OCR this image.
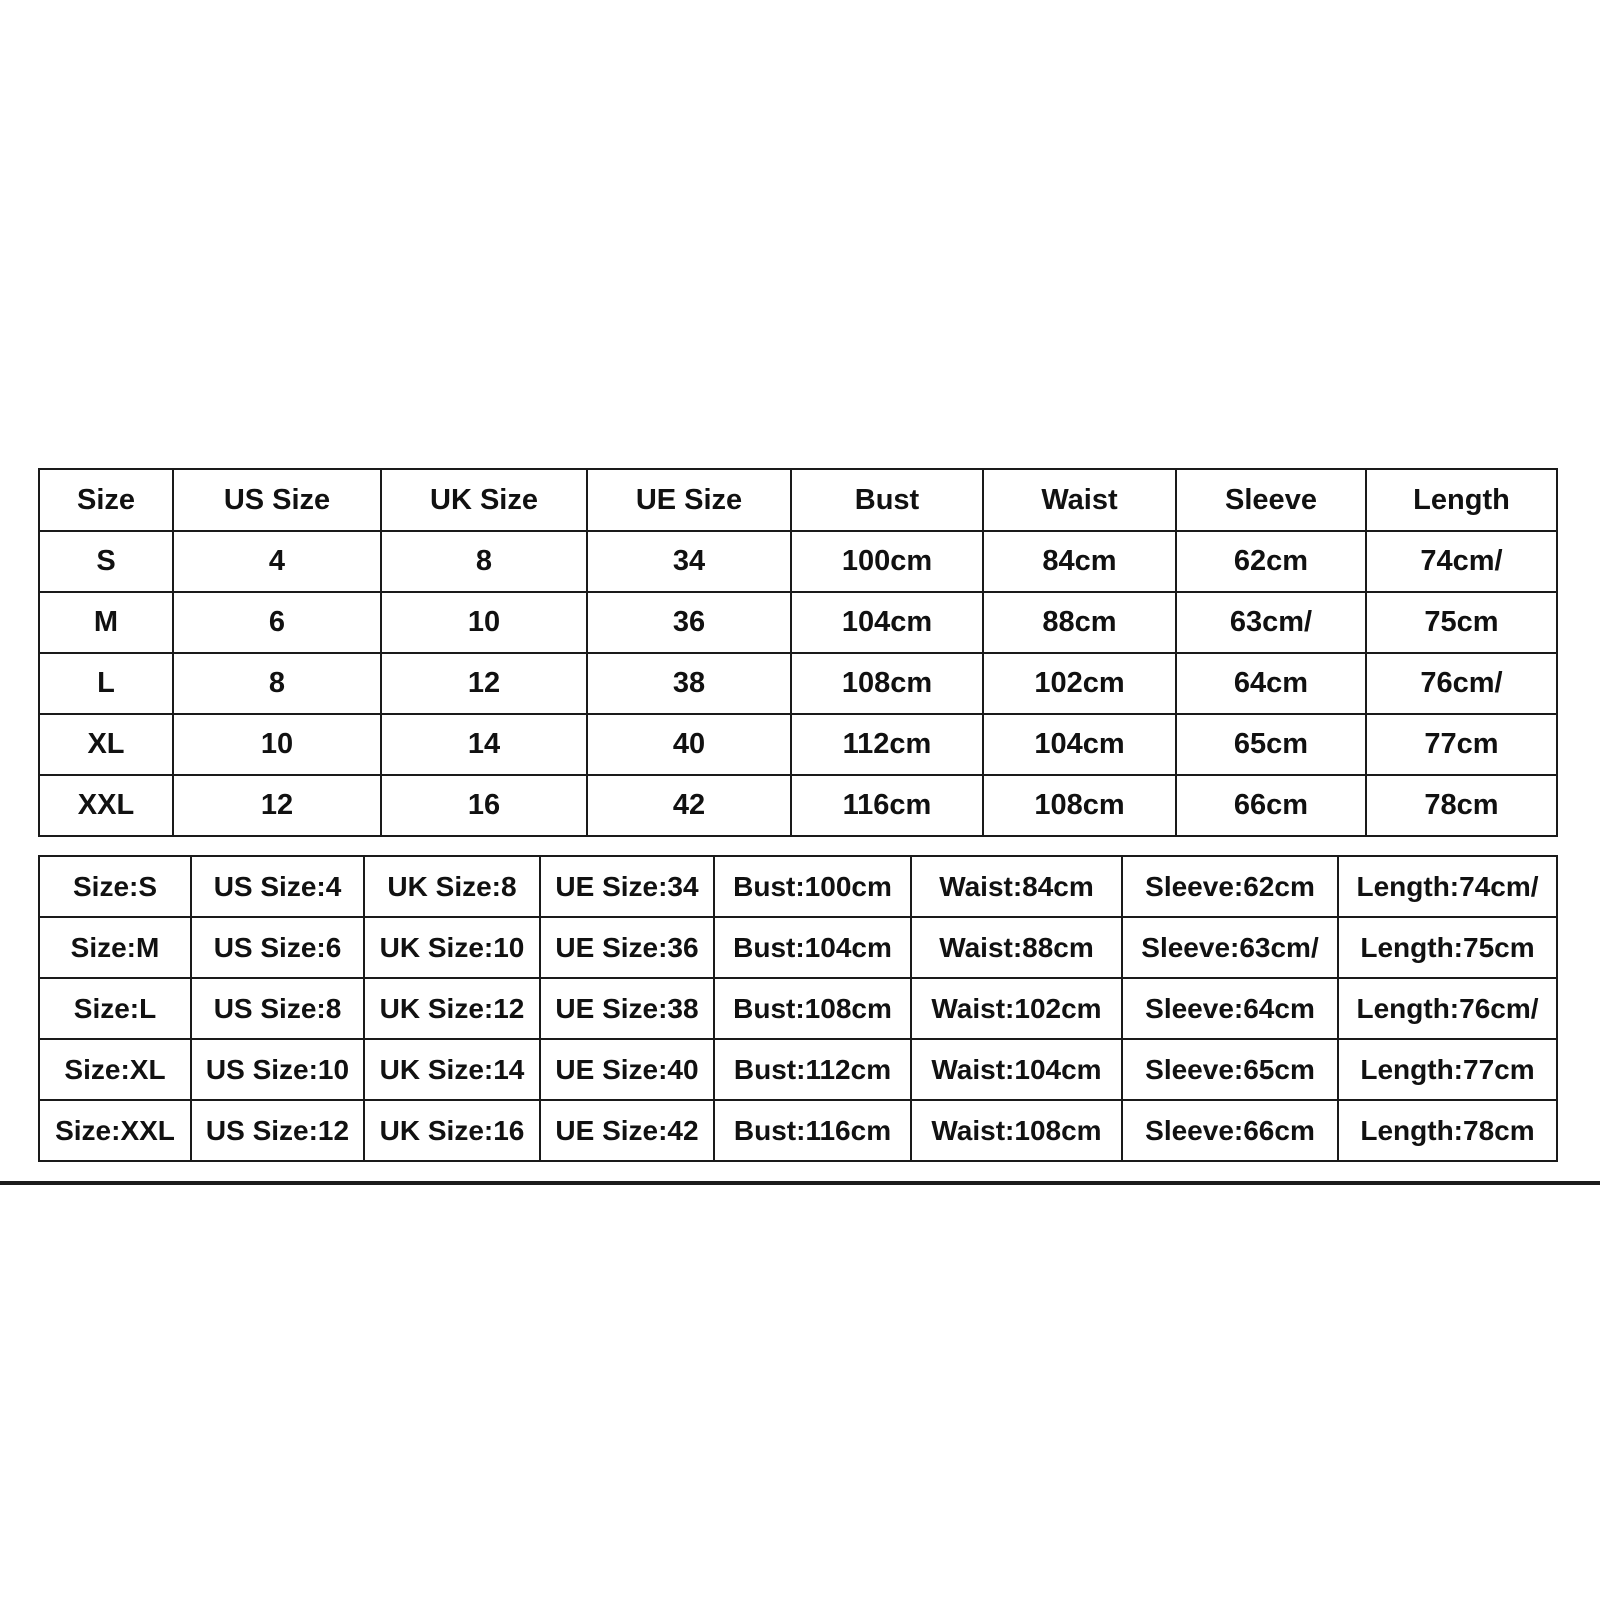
Size	US Size	UK Size	UE Size	Bust	Waist	Sleeve	Length
S	4	8	34	100cm	84cm	62cm	74cm/
M	6	10	36	104cm	88cm	63cm/	75cm
L	8	12	38	108cm	102cm	64cm	76cm/
XL	10	14	40	112cm	104cm	65cm	77cm
XXL	12	16	42	116cm	108cm	66cm	78cm
Size:S	US Size:4	UK Size:8	UE Size:34	Bust:100cm	Waist:84cm	Sleeve:62cm	Length:74cm/
Size:M	US Size:6	UK Size:10	UE Size:36	Bust:104cm	Waist:88cm	Sleeve:63cm/	Length:75cm
Size:L	US Size:8	UK Size:12	UE Size:38	Bust:108cm	Waist:102cm	Sleeve:64cm	Length:76cm/
Size:XL	US Size:10	UK Size:14	UE Size:40	Bust:112cm	Waist:104cm	Sleeve:65cm	Length:77cm
Size:XXL	US Size:12	UK Size:16	UE Size:42	Bust:116cm	Waist:108cm	Sleeve:66cm	Length:78cm
